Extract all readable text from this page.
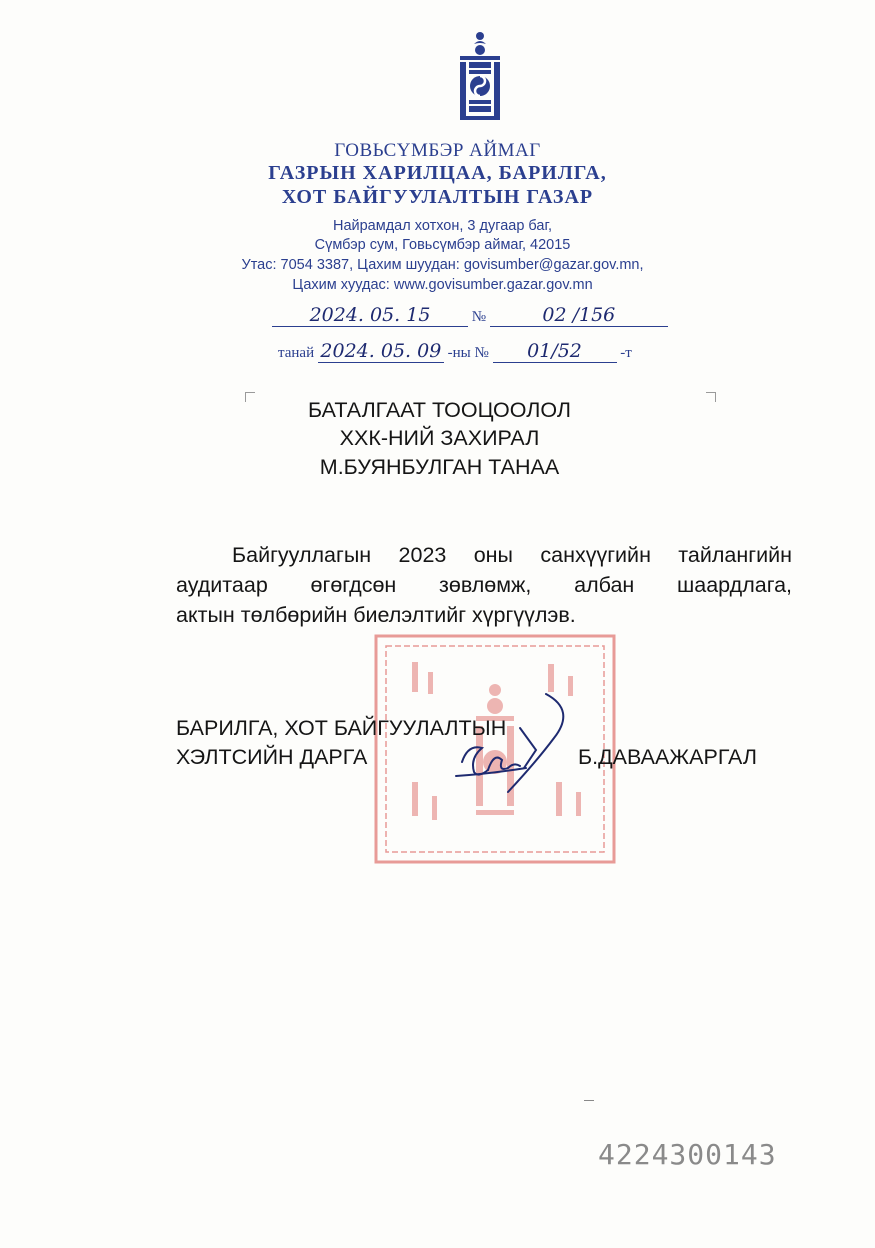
ГОВЬСҮМБЭР АЙМАГ
ГАЗРЫН ХАРИЛЦАА, БАРИЛГА,
ХОТ БАЙГУУЛАЛТЫН ГАЗАР
Найрамдал хотхон, 3 дугаар баг,
Сүмбэр сум, Говьсүмбэр аймаг, 42015
Утас: 7054 3387, Цахим шуудан: govisumber@gazar.gov.mn,
Цахим хуудас: www.govisumber.gazar.gov.mn
2024. 05. 15	№	02 /156
танай 2024. 05. 09 -ны № 01/52	-т
БАТАЛГААТ ТООЦООЛОЛ
ХХК-НИЙ ЗАХИРАЛ
М.БУЯНБУЛГАН ТАНАА
Байгууллагын 2023 оны санхүүгийн тайлангийн
аудитаар өгөгдсөн зөвлөмж, албан шаардлага,
актын төлбөрийн биелэлтийг хүргүүлэв.
БАРИЛГА, ХОТ БАЙГУУЛАЛТЫН
ХЭЛТСИЙН ДАРГА	Б.ДАВААЖАРГАЛ
4224300143
